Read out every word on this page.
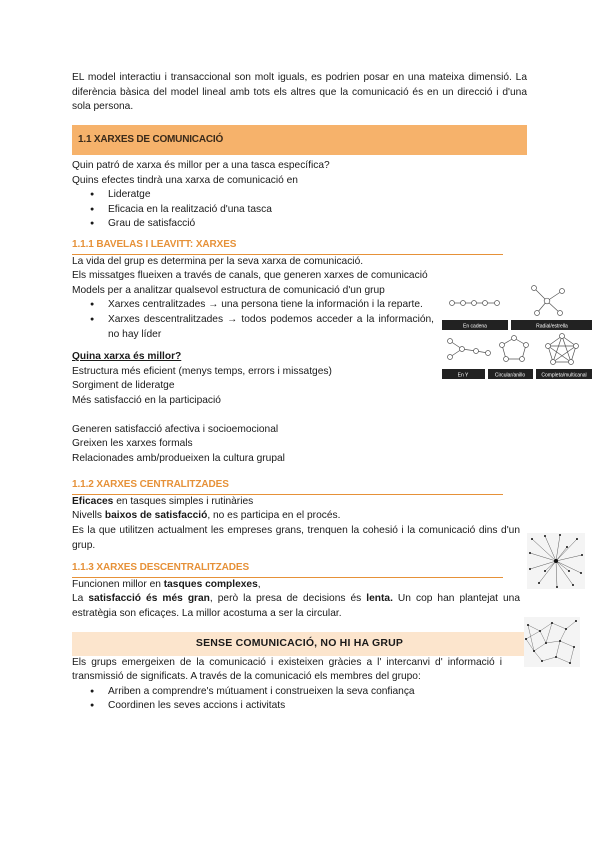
EL model interactiu i transaccional son molt iguals, es podrien posar en una mateixa dimensió. La diferència bàsica del model lineal amb tots els altres que la comunicació és en un direcció i d'una sola persona.

1.1 XARXES DE COMUNICACIÓ

Quin patró de xarxa és millor per a una tasca específica?

Quins efectes tindrà una xarxa de comunicació en

● Lideratge
● Eficacia en la realització d'una tasca
● Grau de satisfacció
1.1.1 BAVELAS I LEAVITT: XARXES

La vida del grup es determina per la seva xarxa de comunicació.

Els missatges flueixen a través de canals, que generen xarxes de comunicació

Models per a analitzar qualsevol estructura de comunicació d'un grup

● Xarxes centralitzades → una persona tiene la información i la reparte.
● Xarxes descentralitzades → todos podemos acceder a la información, no hay líder

Quina xarxa és millor?

Estructura més eficient (menys temps, errors i missatges)

Sorgiment de lideratge

Més satisfacció en la participació

Generen satisfacció afectiva i socioemocional

Greixen les xarxes formals

Relacionades amb/produeixen la cultura grupal

1.1.2 XARXES CENTRALITZADES

Eficaces en tasques simples i rutinàries

Nivells baixos de satisfacció, no es participa en el procés.

Es la que utilitzen actualment les empreses grans, trenquen la cohesió i la comunicació dins d'un grup.

1.1.3 XARXES DESCENTRALITZADES

Funcionen millor en tasques complexes,

La satisfacció és més gran, però la presa de decisions és lenta. Un cop han plantejat una estratègia son eficaçes. La millor acostuma a ser la circular.

SENSE COMUNICACIÓ, NO HI HA GRUP

Els grups emergeixen de la comunicació i existeixen gràcies a l' intercanvi d' informació i transmissió de significats. A través de la comunicació els membres del grupo:

● Arriben a comprendre's mútuament i construeixen la seva confiança
● Coordinen les seves accions i activitats
En cadena	Radial/estrella
En Y	Circular/anillo	Completa/multicanal
